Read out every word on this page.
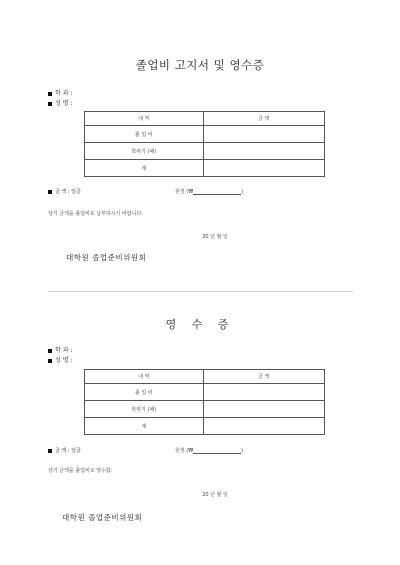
졸업비 고지서 및 영수증
학 과 :
성 명 :
내 역	금 액
졸 업 비	
학위기 (패)	
계	
금 액 : 일금	원정 (₩	)
상기 금액을 졸업비로 납부하시기 바랍니다.
20 년 월 일
대학원 졸업준비위원회
영 수 증
학 과 :
성 명 :
내 역	금 액
졸 업 비	
학위기 (패)	
계	
금 액 : 일금	원정 (₩	)
상기 금액을 졸업비로 영수함.
20 년 월 일
대학원 졸업준비위원회
